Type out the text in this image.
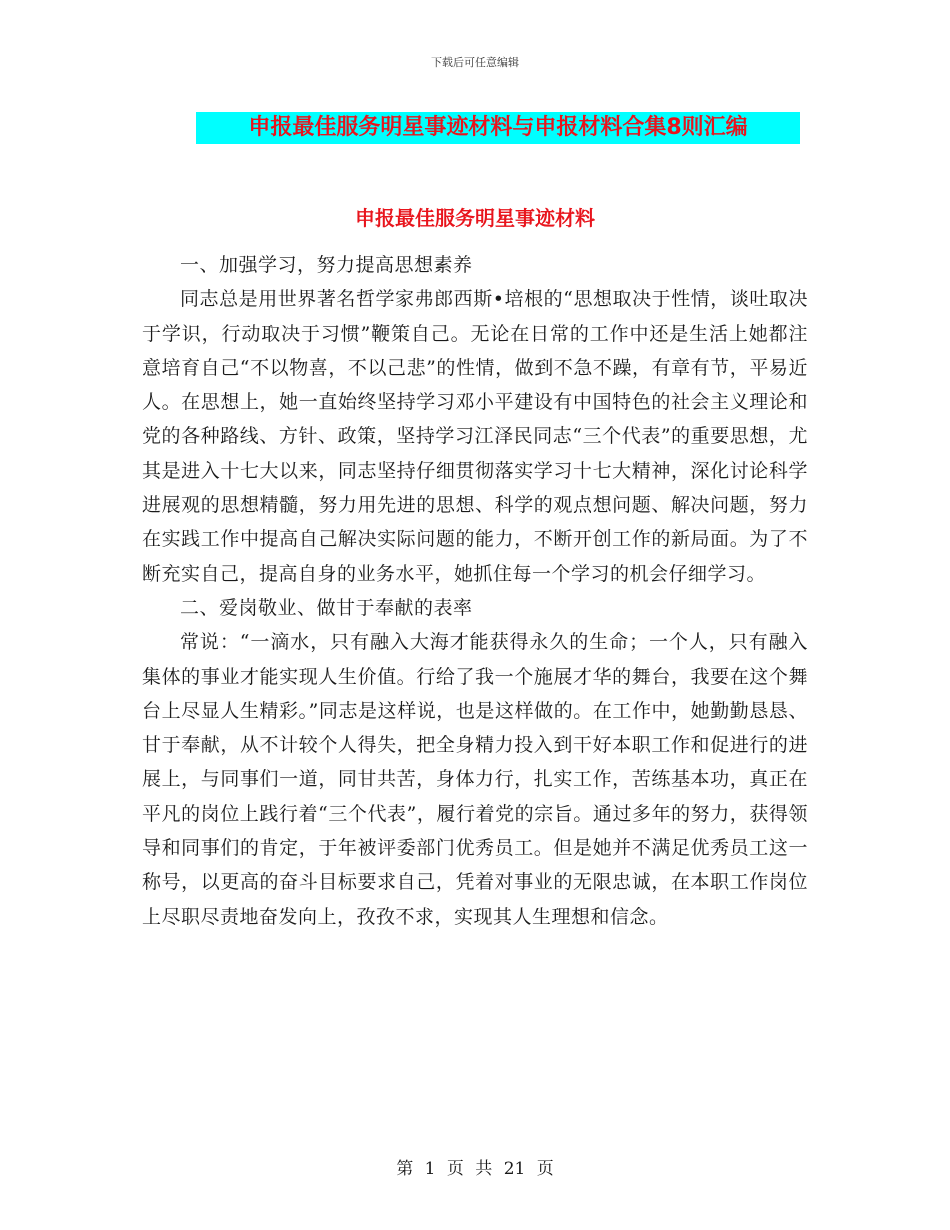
下载后可任意编辑
申报最佳服务明星事迹材料与申报材料合集8则汇编
申报最佳服务明星事迹材料

一、加强学习，努力提高思想素养

同志总是用世界著名哲学家弗郎西斯•培根的“思想取决于性情，谈吐取决于学识，行动取决于习惯”鞭策自己。无论在日常的工作中还是生活上她都注意培育自己“不以物喜，不以己悲”的性情，做到不急不躁，有章有节，平易近人。在思想上，她一直始终坚持学习邓小平建设有中国特色的社会主义理论和党的各种路线、方针、政策，坚持学习江泽民同志“三个代表”的重要思想，尤其是进入十七大以来，同志坚持仔细贯彻落实学习十七大精神，深化讨论科学进展观的思想精髓，努力用先进的思想、科学的观点想问题、解决问题，努力在实践工作中提高自己解决实际问题的能力，不断开创工作的新局面。为了不断充实自己，提高自身的业务水平，她抓住每一个学习的机会仔细学习。

二、爱岗敬业、做甘于奉献的表率

常说：“一滴水，只有融入大海才能获得永久的生命；一个人，只有融入集体的事业才能实现人生价值。行给了我一个施展才华的舞台，我要在这个舞台上尽显人生精彩。”同志是这样说，也是这样做的。在工作中，她勤勤恳恳、甘于奉献，从不计较个人得失，把全身精力投入到干好本职工作和促进行的进展上，与同事们一道，同甘共苦，身体力行，扎实工作，苦练基本功，真正在平凡的岗位上践行着“三个代表”，履行着党的宗旨。通过多年的努力，获得领导和同事们的肯定，于年被评委部门优秀员工。但是她并不满足优秀员工这一称号，以更高的奋斗目标要求自己，凭着对事业的无限忠诚，在本职工作岗位上尽职尽责地奋发向上，孜孜不求，实现其人生理想和信念。

第 1 页 共 21 页
